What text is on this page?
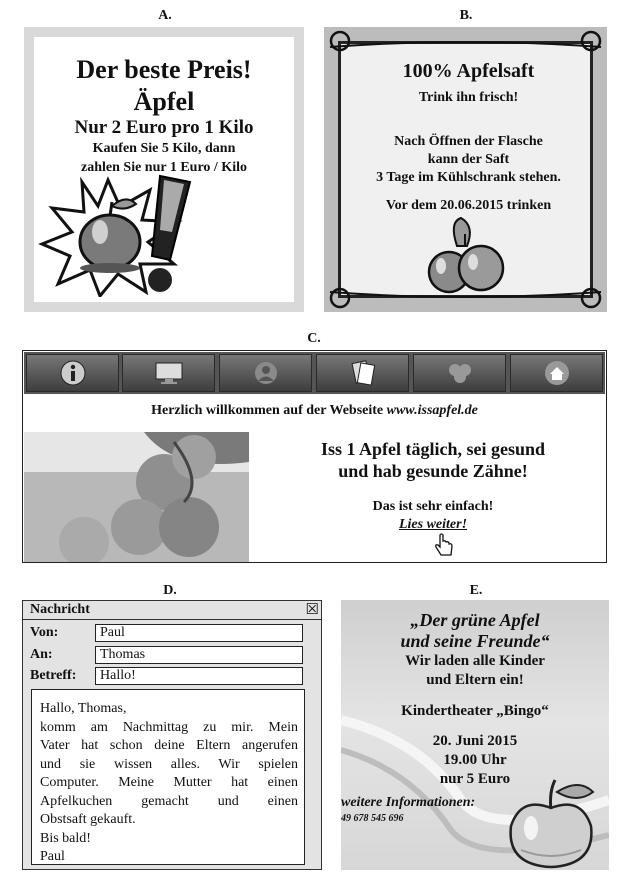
A.	B.
C.
D.	E.
Der beste Preis!
Äpfel
Nur 2 Euro pro 1 Kilo
Kaufen Sie 5 Kilo, dann
zahlen Sie nur 1 Euro / Kilo
100% Apfelsaft
Trink ihn frisch!
Nach Öffnen der Flasche
kann der Saft
3 Tage im Kühlschrank stehen.
Vor dem 20.06.2015 trinken
Herzlich willkommen auf der Webseite www.issapfel.de
Iss 1 Apfel täglich, sei gesund
und hab gesunde Zähne!
Das ist sehr einfach!
Lies weiter!
Nachricht	☒
Von:	Paul
An:	Thomas
Betreff:	Hallo!
Hallo, Thomas,
komm am Nachmittag zu mir. Mein
Vater hat schon deine Eltern angerufen
und sie wissen alles. Wir spielen
Computer. Meine Mutter hat einen
Apfelkuchen gemacht und einen
Obstsaft gekauft.
Bis bald!
Paul
„Der grüne Apfel
und seine Freunde“
Wir laden alle Kinder
und Eltern ein!
Kindertheater „Bingo“
20. Juni 2015
19.00 Uhr
nur 5 Euro
weitere Informationen:
49 678 545 696
